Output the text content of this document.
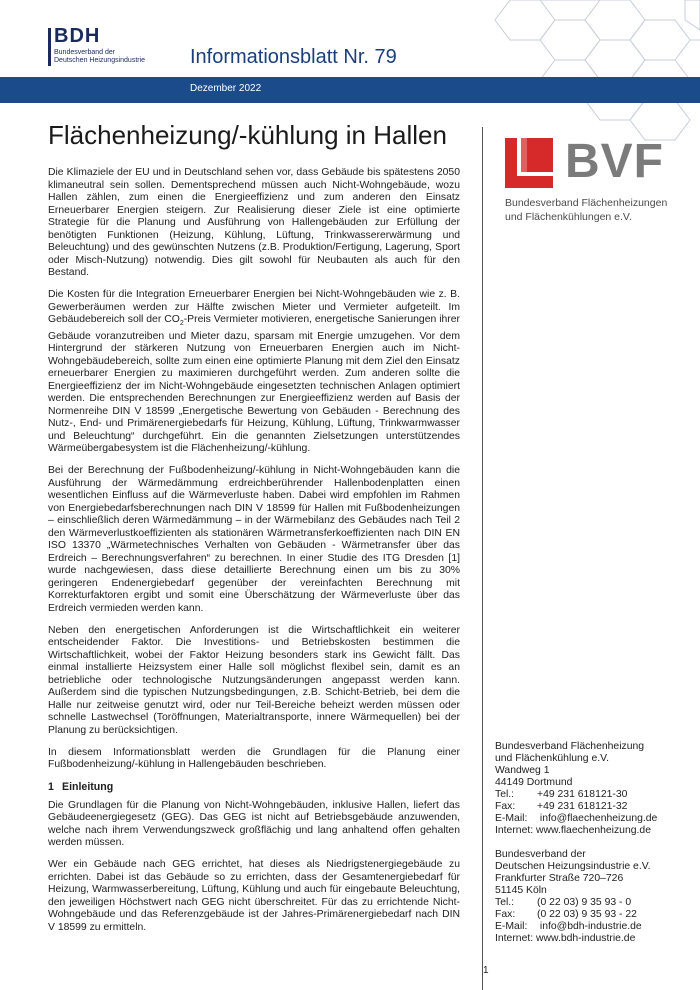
BDH
Bundesverband der
Deutschen Heizungsindustrie Informationsblatt Nr. 79
Dezember 2022
Flächenheizung/-kühlung in Hallen BVF
Bundesverband Flächenheizungen
und Flächenkühlungen e.V.

Die Klimaziele der EU und in Deutschland sehen vor, dass Gebäude bis spätestens 2050 klimaneutral sein sollen. Dementsprechend müssen auch Nicht-Wohngebäude, wozu Hallen zählen, zum einen die Energieeffizienz und zum anderen den Einsatz Erneuerbarer Energien steigern. Zur Realisierung dieser Ziele ist eine optimierte Strategie für die Planung und Ausführung von Hallengebäuden zur Erfüllung der benötigten Funktionen (Heizung, Kühlung, Lüftung, Trinkwassererwärmung und Beleuchtung) und des gewünschten Nutzens (z.B. Produktion/Fertigung, Lagerung, Sport oder Misch-Nutzung) notwendig. Dies gilt sowohl für Neubauten als auch für den Bestand.

Die Kosten für die Integration Erneuerbarer Energien bei Nicht-Wohngebäuden wie z. B. Gewerberäumen werden zur Hälfte zwischen Mieter und Vermieter aufgeteilt. Im Gebäudebereich soll der $CO_2$-Preis Vermieter motivieren, energetische Sanierungen ihrer Gebäude voranzutreiben und Mieter dazu, sparsam mit Energie umzugehen. Vor dem Hintergrund der stärkeren Nutzung von Erneuerbaren Energien auch im Nicht-Wohngebäudebereich, sollte zum einen eine optimierte Planung mit dem Ziel den Einsatz erneuerbarer Energien zu maximieren durchgeführt werden. Zum anderen sollte die Energieeffizienz der im Nicht-Wohngebäude eingesetzten technischen Anlagen optimiert werden. Die entsprechenden Berechnungen zur Energieeffizienz werden auf Basis der Normenreihe DIN V 18599 „Energetische Bewertung von Gebäuden - Berechnung des Nutz-, End- und Primärenergiebedarfs für Heizung, Kühlung, Lüftung, Trinkwarmwasser und Beleuchtung“ durchgeführt. Ein die genannten Zielsetzungen unterstützendes Wärmeübergabesystem ist die Flächenheizung/-kühlung.

Bei der Berechnung der Fußbodenheizung/-kühlung in Nicht-Wohngebäuden kann die Ausführung der Wärmedämmung erdreichberührender Hallenbodenplatten einen wesentlichen Einfluss auf die Wärmeverluste haben. Dabei wird empfohlen im Rahmen von Energiebedarfsberechnungen nach DIN V 18599 für Hallen mit Fußbodenheizungen – einschließlich deren Wärmedämmung – in der Wärmebilanz des Gebäudes nach Teil 2 den Wärmeverlustkoeffizienten als stationären Wärmetransferkoeffizienten nach DIN EN ISO 13370 „Wärmetechnisches Verhalten von Gebäuden - Wärmetransfer über das Erdreich – Berechnungsverfahren“ zu berechnen. In einer Studie des ITG Dresden [1] wurde nachgewiesen, dass diese detaillierte Berechnung einen um bis zu 30% geringeren Endenergiebedarf gegenüber der vereinfachten Berechnung mit Korrekturfaktoren ergibt und somit eine Überschätzung der Wärmeverluste über das Erdreich vermieden werden kann.

Neben den energetischen Anforderungen ist die Wirtschaftlichkeit ein weiterer entscheidender Faktor. Die Investitions- und Betriebskosten bestimmen die Wirtschaftlichkeit, wobei der Faktor Heizung besonders stark ins Gewicht fällt. Das einmal installierte Heizsystem einer Halle soll möglichst flexibel sein, damit es an betriebliche oder technologische Nutzungsänderungen angepasst werden kann. Außerdem sind die typischen Nutzungsbedingungen, z.B. Schicht-Betrieb, bei dem die Halle nur zeitweise genutzt wird, oder nur Teil-Bereiche beheizt werden müssen oder schnelle Lastwechsel (Toröffnungen, Materialtransporte, innere Wärmequellen) bei der Planung zu berücksichtigen.

In diesem Informationsblatt werden die Grundlagen für die Planung einer Fußbodenheizung/-kühlung in Hallengebäuden beschrieben.

1 Einleitung

Die Grundlagen für die Planung von Nicht-Wohngebäuden, inklusive Hallen, liefert das Gebäudeenergiegesetz (GEG). Das GEG ist nicht auf Betriebsgebäude anzuwenden, welche nach ihrem Verwendungszweck großflächig und lang anhaltend offen gehalten werden müssen.

Wer ein Gebäude nach GEG errichtet, hat dieses als Niedrigstenergiegebäude zu errichten. Dabei ist das Gebäude so zu errichten, dass der Gesamtenergiebedarf für Heizung, Warmwasserbereitung, Lüftung, Kühlung und auch für eingebaute Beleuchtung, den jeweiligen Höchstwert nach GEG nicht überschreitet. Für das zu errichtende Nicht-Wohngebäude und das Referenzgebäude ist der Jahres-Primärenergiebedarf nach DIN V 18599 zu ermitteln.

Bundesverband Flächenheizung
und Flächenkühlung e.V.
Wandweg 1
44149 Dortmund
Tel.: +49 231 618121-30
Fax: +49 231 618121-32
E-Mail: info@flaechenheizung.de
Internet: www.flaechenheizung.de
Bundesverband der
Deutschen Heizungsindustrie e.V.
Frankfurter Straße 720–726
51145 Köln
Tel.: (0 22 03) 9 35 93 - 0
Fax: (0 22 03) 9 35 93 - 22
E-Mail: info@bdh-industrie.de
Internet: www.bdh-industrie.de
1
